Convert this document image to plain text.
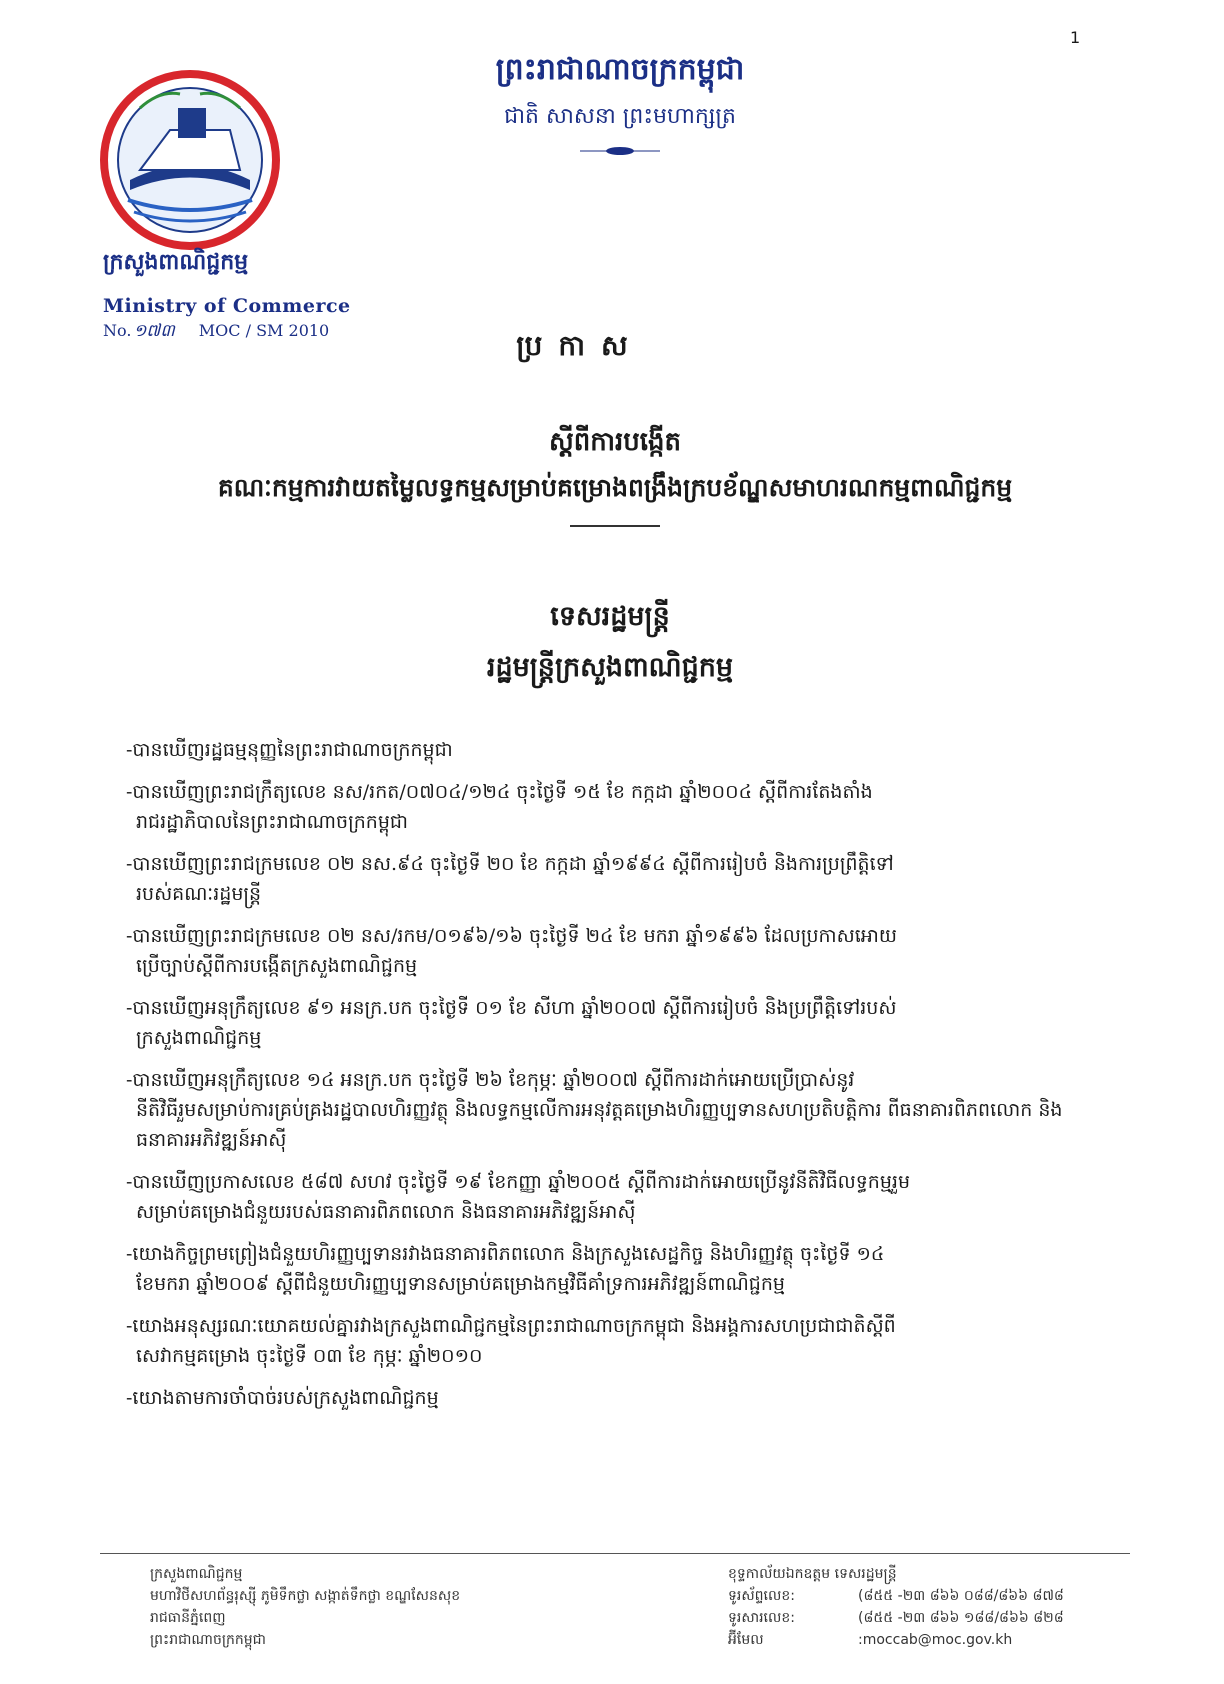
1
ព្រះរាជាណាចក្រកម្ពុជា
ជាតិ សាសនា ព្រះមហាក្សត្រ
ក្រសួងពាណិជ្ជកម្ម
Ministry of Commerce
No. ១៧៣ MOC / SM 2010	ប្រកាស
ស្តីពីការបង្កើត
គណៈកម្មការវាយតម្លៃលទ្ធកម្មសម្រាប់គម្រោងពង្រឹងក្របខ័ណ្ឌសមាហរណកម្មពាណិជ្ជកម្ម
ទេសរដ្ឋមន្ត្រី
រដ្ឋមន្ត្រីក្រសួងពាណិជ្ជកម្ម
-បានឃើញរដ្ឋធម្មនុញ្ញនៃព្រះរាជាណាចក្រកម្ពុជា
-បានឃើញព្រះរាជក្រឹត្យលេខ នស/រកត/០៧០៤/១២៤ ចុះថ្ងៃទី ១៥ ខែ កក្កដា ឆ្នាំ២០០៤ ស្តីពីការតែងតាំង
រាជរដ្ឋាភិបាលនៃព្រះរាជាណាចក្រកម្ពុជា
-បានឃើញព្រះរាជក្រមលេខ ០២ នស.៩៤ ចុះថ្ងៃទី ២០ ខែ កក្កដា ឆ្នាំ១៩៩៤ ស្តីពីការរៀបចំ និងការប្រព្រឹត្តិទៅ
របស់គណៈរដ្ឋមន្ត្រី
-បានឃើញព្រះរាជក្រមលេខ ០២ នស/រកម/០១៩៦/១៦ ចុះថ្ងៃទី ២៤ ខែ មករា ឆ្នាំ១៩៩៦ ដែលប្រកាសអោយ
ប្រើច្បាប់ស្តីពីការបង្កើតក្រសួងពាណិជ្ជកម្ម
-បានឃើញអនុក្រឹត្យលេខ ៩១ អនក្រ.បក ចុះថ្ងៃទី ០១ ខែ សីហា ឆ្នាំ២០០៧ ស្តីពីការរៀបចំ និងប្រព្រឹត្តិទៅរបស់
ក្រសួងពាណិជ្ជកម្ម
-បានឃើញអនុក្រឹត្យលេខ ១៤ អនក្រ.បក ចុះថ្ងៃទី ២៦ ខែកុម្ភៈ ឆ្នាំ២០០៧ ស្តីពីការដាក់អោយប្រើប្រាស់នូវ
នីតិវិធីរួមសម្រាប់ការគ្រប់គ្រងរដ្ឋបាលហិរញ្ញវត្ថុ និងលទ្ធកម្មលើការអនុវត្តគម្រោងហិរញ្ញប្បទានសហប្រតិបត្តិការ ពីធនាគារពិភពលោក និងធនាគារអភិវឌ្ឍន៍អាស៊ី
-បានឃើញប្រកាសលេខ ៥៨៧ សហវ ចុះថ្ងៃទី ១៩ ខែកញ្ញា ឆ្នាំ២០០៥ ស្តីពីការដាក់អោយប្រើនូវនីតិវិធីលទ្ធកម្មរួម
សម្រាប់គម្រោងជំនួយរបស់ធនាគារពិភពលោក និងធនាគារអភិវឌ្ឍន៍អាស៊ី
-យោងកិច្ចព្រមព្រៀងជំនួយហិរញ្ញប្បទានរវាងធនាគារពិភពលោក និងក្រសួងសេដ្ឋកិច្ច និងហិរញ្ញវត្ថុ ចុះថ្ងៃទី ១៤
ខែមករា ឆ្នាំ២០០៩ ស្តីពីជំនួយហិរញ្ញប្បទានសម្រាប់គម្រោងកម្មវិធីគាំទ្រការអភិវឌ្ឍន៍ពាណិជ្ជកម្ម
-យោងអនុស្សរណៈយោគយល់គ្នារវាងក្រសួងពាណិជ្ជកម្មនៃព្រះរាជាណាចក្រកម្ពុជា និងអង្គការសហប្រជាជាតិស្តីពី
សេវាកម្មគម្រោង ចុះថ្ងៃទី ០៣ ខែ កុម្ភៈ ឆ្នាំ២០១០
-យោងតាមការចាំបាច់របស់ក្រសួងពាណិជ្ជកម្ម
ក្រសួងពាណិជ្ជកម្ម
មហាវិថីសហព័ន្ធរុស្ស៊ី ភូមិទឹកថ្លា សង្កាត់ទឹកថ្លា ខណ្ឌសែនសុខ
រាជធានីភ្នំពេញ
ព្រះរាជាណាចក្រកម្ពុជា
ខុទ្ទកាល័យឯកឧត្តម ទេសរដ្ឋមន្ត្រី
ទូរស័ព្ទលេខ:	(៨៥៥ -២៣ ៨៦៦ ០៨៨/៨៦៦ ៨៧៨
ទូរសារលេខ:	(៨៥៥ -២៣ ៨៦៦ ១៨៨/៨៦៦ ៨២៨
អ៊ីមែល	:moccab@moc.gov.kh
